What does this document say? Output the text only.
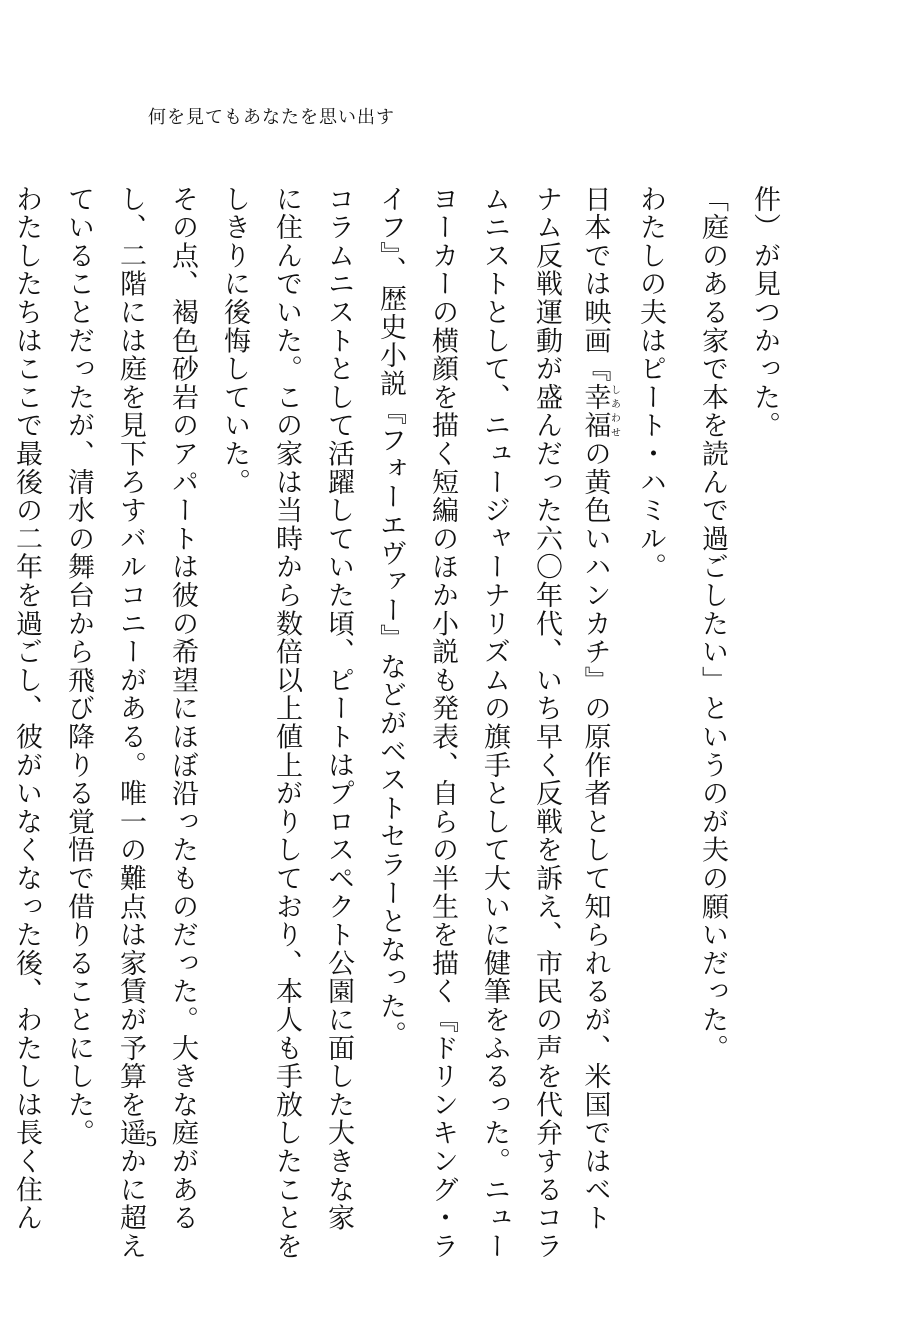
何を見てもあなたを思い出す
件）が見つかった。
「庭のある家で本を読んで過ごしたい」というのが夫の願いだった。
わたしの夫はピート・ハミル。
日本では映画『幸福しあわせの黄色いハンカチ』の原作者として知られるが、米国ではベト
ナム反戦運動が盛んだった六〇年代、いち早く反戦を訴え、市民の声を代弁するコラ
ムニストとして、ニュージャーナリズムの旗手として大いに健筆をふるった。ニュー
ヨーカーの横顔を描く短編のほか小説も発表、自らの半生を描く『ドリンキング・ラ
イフ』、歴史小説『フォーエヴァー』などがベストセラーとなった。
コラムニストとして活躍していた頃、ピートはプロスペクト公園に面した大きな家
に住んでいた。この家は当時から数倍以上値上がりしており、本人も手放したことを
しきりに後悔していた。
その点、褐色砂岩のアパートは彼の希望にほぼ沿ったものだった。大きな庭がある
し、二階には庭を見下ろすバルコニーがある。唯一の難点は家賃が予算を遥かに超え
ていることだったが、清水の舞台から飛び降りる覚悟で借りることにした。
わたしたちはここで最後の二年を過ごし、彼がいなくなった後、わたしは長く住ん	5
